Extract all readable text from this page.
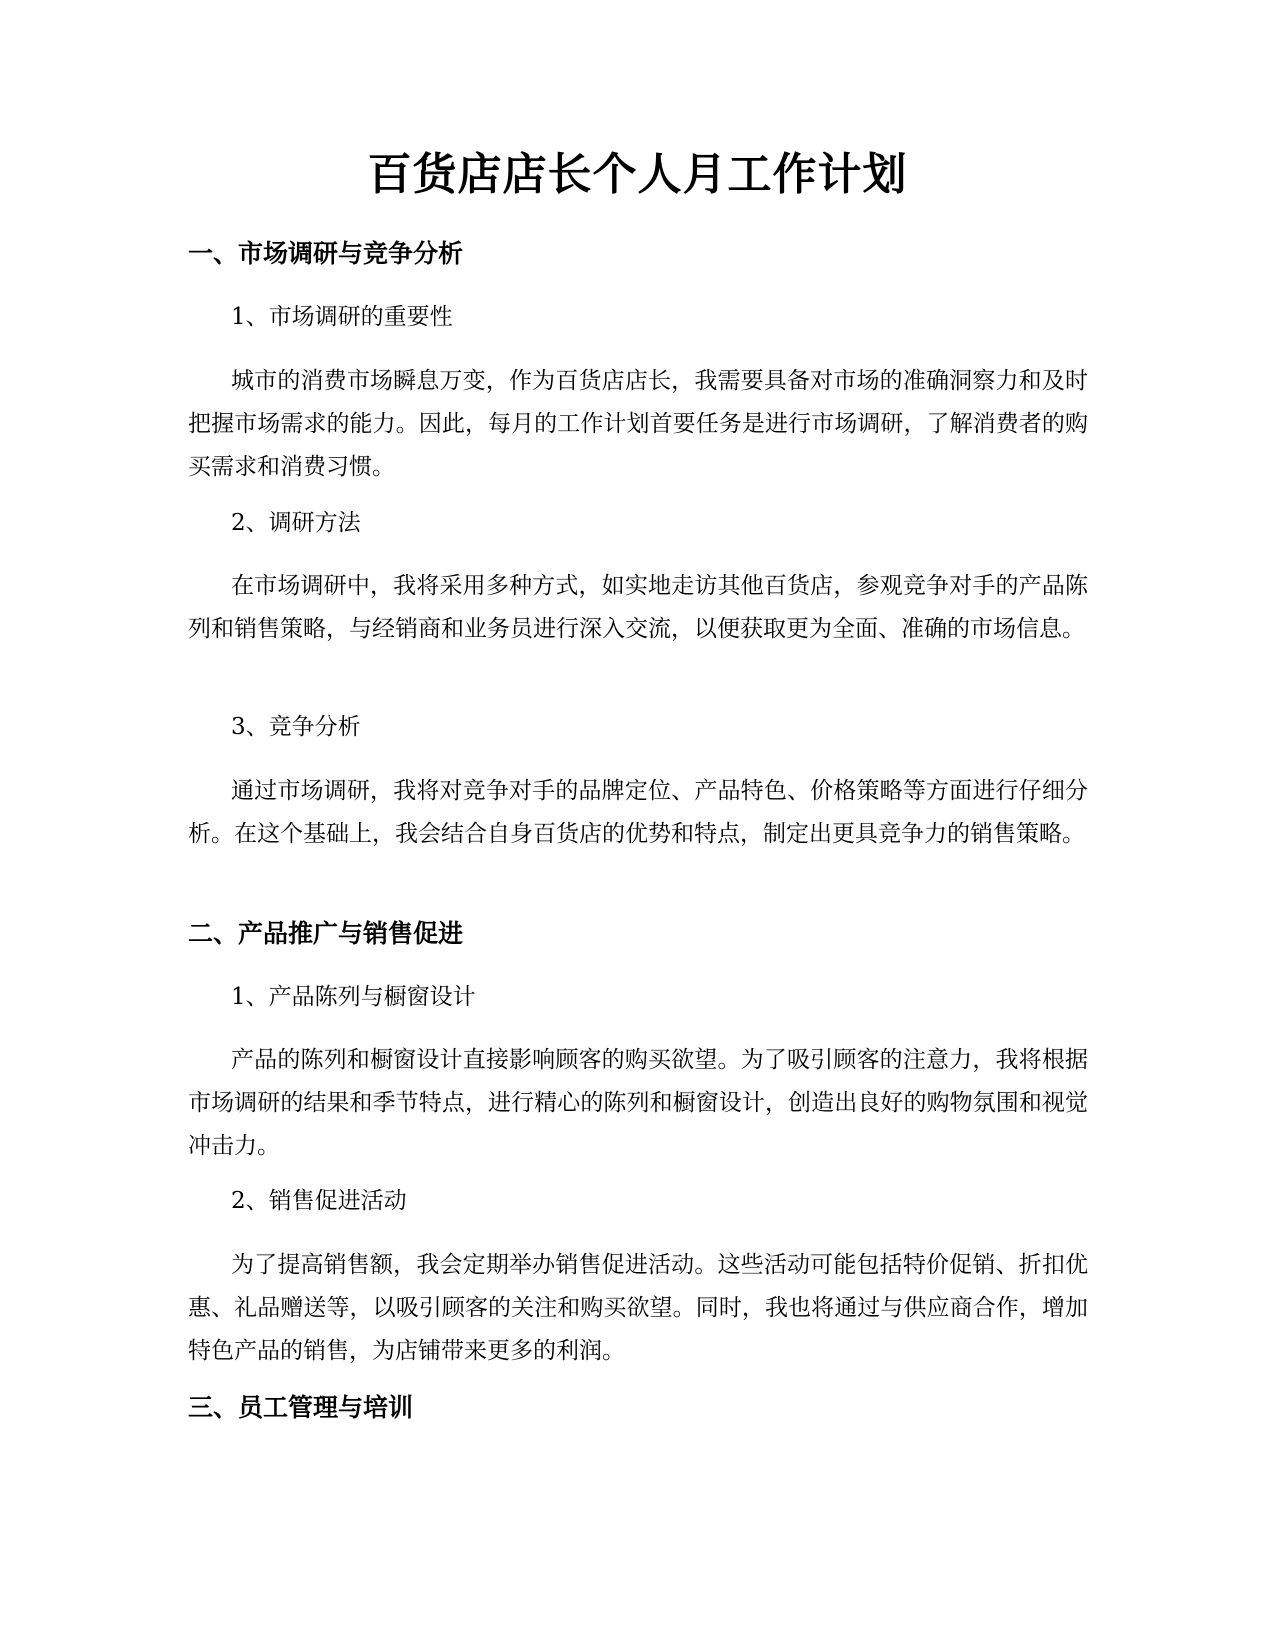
百货店店长个人月工作计划
一、市场调研与竞争分析
1、市场调研的重要性
城市的消费市场瞬息万变，作为百货店店长，我需要具备对市场的准确洞察力和及时把握市场需求的能力。因此，每月的工作计划首要任务是进行市场调研，了解消费者的购买需求和消费习惯。
2、调研方法
在市场调研中，我将采用多种方式，如实地走访其他百货店，参观竞争对手的产品陈列和销售策略，与经销商和业务员进行深入交流，以便获取更为全面、准确的市场信息。
3、竞争分析
通过市场调研，我将对竞争对手的品牌定位、产品特色、价格策略等方面进行仔细分析。在这个基础上，我会结合自身百货店的优势和特点，制定出更具竞争力的销售策略。
二、产品推广与销售促进
1、产品陈列与橱窗设计
产品的陈列和橱窗设计直接影响顾客的购买欲望。为了吸引顾客的注意力，我将根据市场调研的结果和季节特点，进行精心的陈列和橱窗设计，创造出良好的购物氛围和视觉冲击力。
2、销售促进活动
为了提高销售额，我会定期举办销售促进活动。这些活动可能包括特价促销、折扣优惠、礼品赠送等，以吸引顾客的关注和购买欲望。同时，我也将通过与供应商合作，增加特色产品的销售，为店铺带来更多的利润。
三、员工管理与培训
